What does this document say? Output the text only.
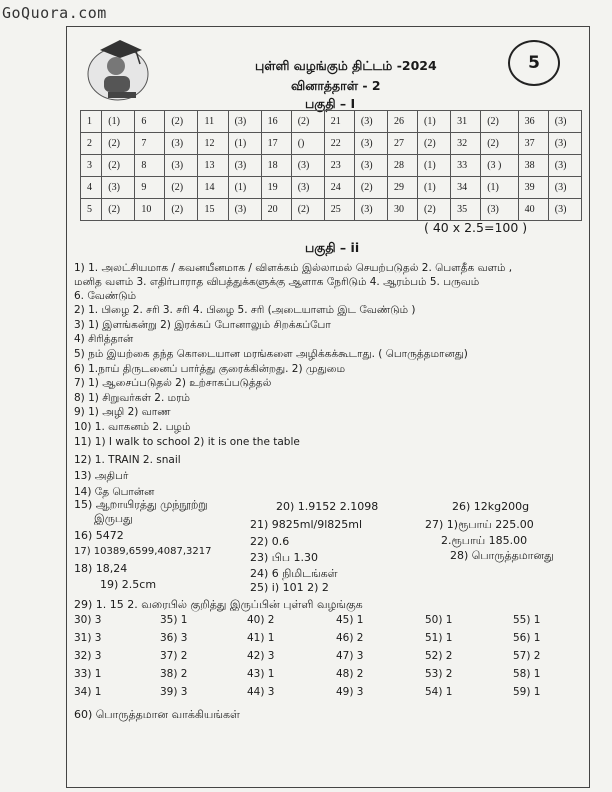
GoQuora.com
புள்ளி வழங்கும் திட்டம் -2024
வினாத்தாள் - 2
பகுதி – I
5
1	(1)	6	(2)	11	(3)	16	(2)	21	(3)	26	(1)	31	(2)	36	(3)
2	(2)	7	(3)	12	(1)	17	()	22	(3)	27	(2)	32	(2)	37	(3)
3	(2)	8	(3)	13	(3)	18	(3)	23	(3)	28	(1)	33	(3 )	38	(3)
4	(3)	9	(2)	14	(1)	19	(3)	24	(2)	29	(1)	34	(1)	39	(3)
5	(2)	10	(2)	15	(3)	20	(2)	25	(3)	30	(2)	35	(3)	40	(3)
( 40 x 2.5=100 )
பகுதி – ii
1) 1. அலட்சியமாக / கவனயீனமாக / விளக்கம் இல்லாமல் செயற்படுதல் 2. பௌதீக வளம் ,
மனித வளம் 3. எதிர்பாராத விபத்துக்களுக்கு ஆளாக நேரிடும் 4. ஆரம்பம் 5. பருவம்
6. வேண்டும்
2) 1. பிழை 2. சரி 3. சரி 4. பிழை 5. சரி (அடையாளம் இட வேண்டும் )
3) 1) இளங்கன்று 2) இரக்கப் போனாலும் சிறக்கப்போ
4) சிரித்தான்
5) நம் இயற்கை தந்த கொடையான மரங்களை அழிக்கக்கூடாது. ( பொருத்தமானது)
6) 1.நாய் திருடனைப் பார்த்து குரைக்கின்றது. 2) முதுமை
7) 1) ஆசைப்படுதல் 2) உற்சாகப்படுத்தல்
8) 1) சிறுவர்கள் 2. மரம்
9) 1) அழி 2) வாண
10) 1. வாகனம் 2. பழம்
11) 1) I walk to school 2) it is one the table
12) 1. TRAIN 2. snail
13) அதிபர்
14) தே பொன்ன
15) ஆறாயிரத்து முந்நூற்று
இருபது
16) 5472
17) 10389,6599,4087,3217
18) 18,24
19) 2.5cm
20) 1.9152 2.1098
21) 9825ml/9l825ml
22) 0.6
23) பிப 1.30
24) 6 நிமிடங்கள்
25) i) 101 2) 2
26) 12kg200g
27) 1)ரூபாய் 225.00
2.ரூபாய் 185.00
28) பொருத்தமானது
29) 1. 15 2. வரைபில் குறித்து இருப்பின் புள்ளி வழங்குக
30) 3	35) 1	40) 2	45) 1	50) 1	55) 1
31) 3	36) 3	41) 1	46) 2	51) 1	56) 1
32) 3	37) 2	42) 3	47) 3	52) 2	57) 2
33) 1	38) 2	43) 1	48) 2	53) 2	58) 1
34) 1	39) 3	44) 3	49) 3	54) 1	59) 1
60) பொருத்தமான வாக்கியங்கள்
